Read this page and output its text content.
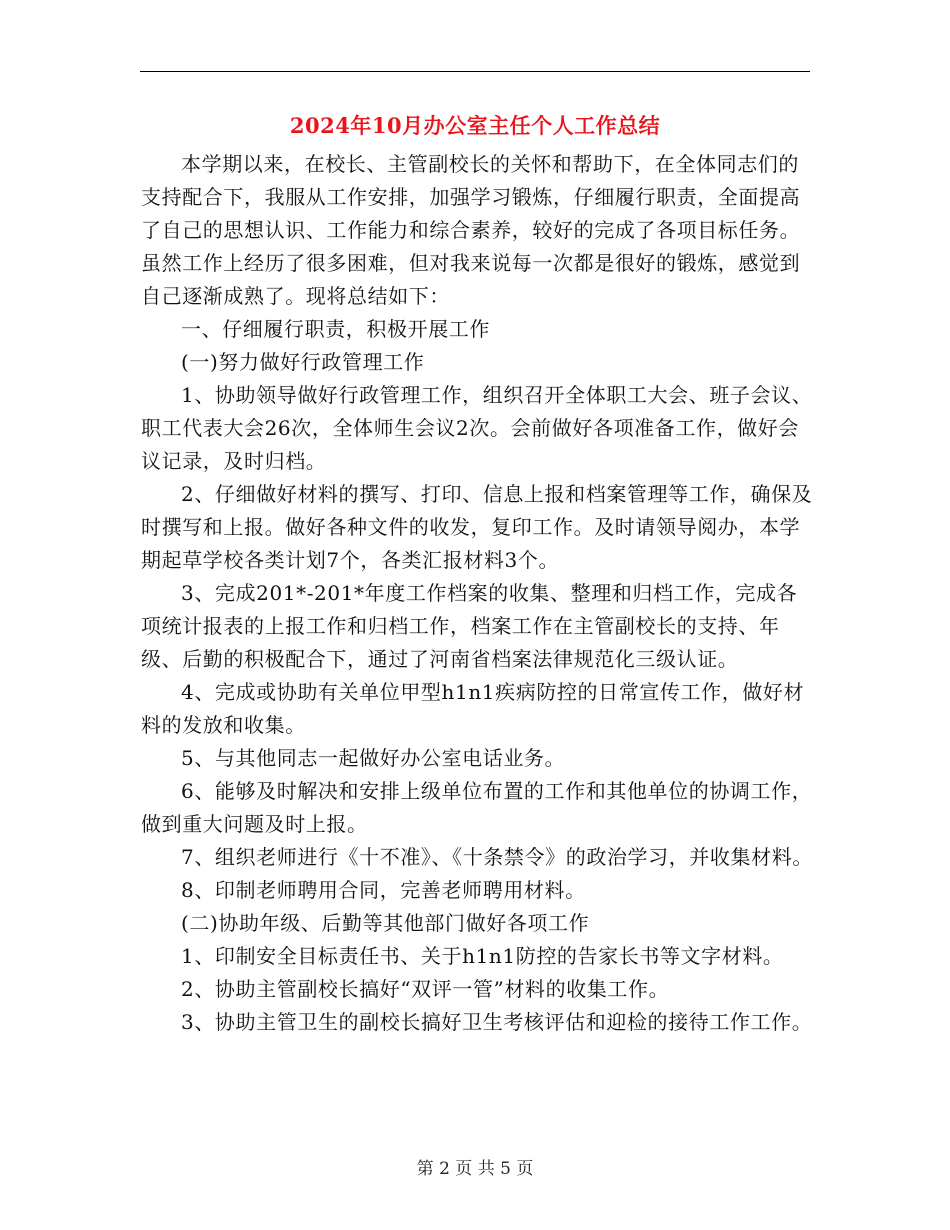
2024年10月办公室主任个人工作总结

本学期以来，在校长、主管副校长的关怀和帮助下，在全体同志们的支持配合下，我服从工作安排，加强学习锻炼，仔细履行职责，全面提高了自己的思想认识、工作能力和综合素养，较好的完成了各项目标任务。虽然工作上经历了很多困难，但对我来说每一次都是很好的锻炼，感觉到自己逐渐成熟了。现将总结如下：

一、仔细履行职责，积极开展工作

(一)努力做好行政管理工作

1、协助领导做好行政管理工作，组织召开全体职工大会、班子会议、职工代表大会26次，全体师生会议2次。会前做好各项准备工作，做好会议记录，及时归档。

2、仔细做好材料的撰写、打印、信息上报和档案管理等工作，确保及时撰写和上报。做好各种文件的收发，复印工作。及时请领导阅办，本学期起草学校各类计划7个，各类汇报材料3个。

3、完成201*-201*年度工作档案的收集、整理和归档工作，完成各项统计报表的上报工作和归档工作，档案工作在主管副校长的支持、年级、后勤的积极配合下，通过了河南省档案法律规范化三级认证。

4、完成或协助有关单位甲型h1n1疾病防控的日常宣传工作，做好材料的发放和收集。

5、与其他同志一起做好办公室电话业务。

6、能够及时解决和安排上级单位布置的工作和其他单位的协调工作，做到重大问题及时上报。

7、组织老师进行《十不准》、《十条禁令》的政治学习，并收集材料。

8、印制老师聘用合同，完善老师聘用材料。

(二)协助年级、后勤等其他部门做好各项工作

1、印制安全目标责任书、关于h1n1防控的告家长书等文字材料。

2、协助主管副校长搞好“双评一管”材料的收集工作。

3、协助主管卫生的副校长搞好卫生考核评估和迎检的接待工作工作。

第 2 页 共 5 页
